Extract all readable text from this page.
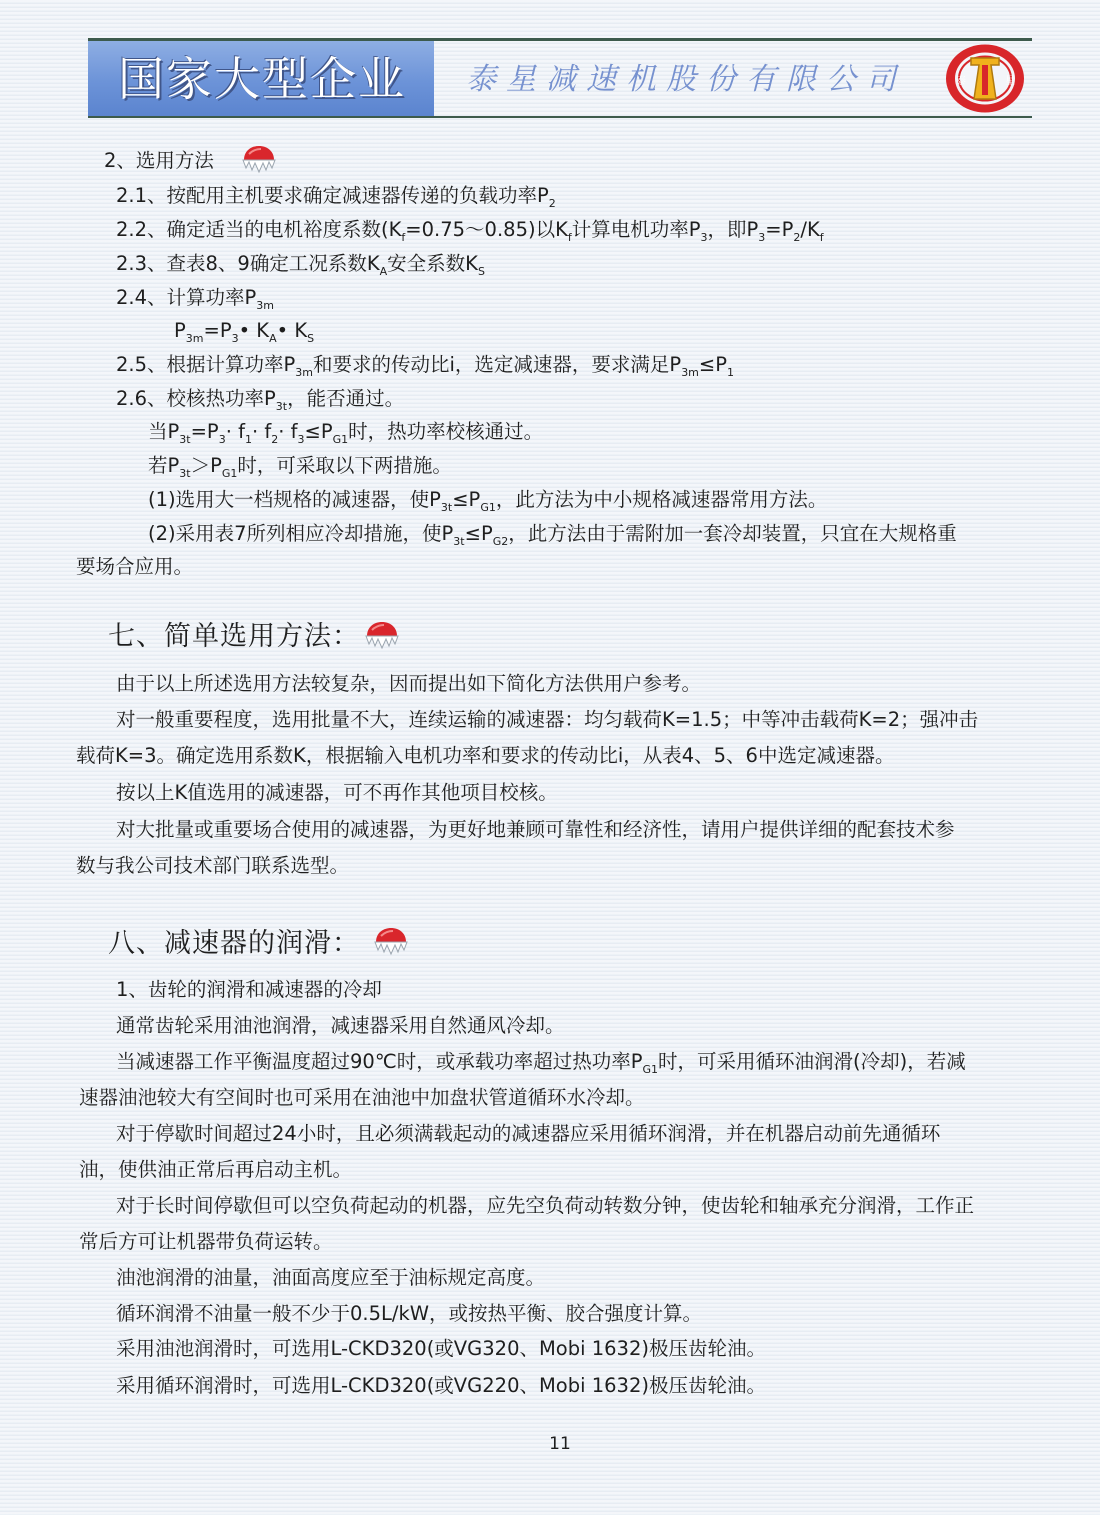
国家大型企业 泰星减速机股份有限公司	泰	星
2、选用方法
2.1、按配用主机要求确定减速器传递的负载功率$P_2$
2.2、确定适当的电机裕度系数$(K_f=0.75\sim 0.85)$以$K_f$计算电机功率$P_3$，即$P_3=P_2/K_f$
2.3、查表8、9确定工况系数$K_A$安全系数$K_S$
2.4、计算功率$P_{3m}$
$P_{3m}=P_3•$ $K_A•$ $K_S$
2.5、根据计算功率$P_{3m}$和要求的传动比i，选定减速器，要求满足$P_{3m}\le P_1$
2.6、校核热功率$P_{3t}$，能否通过。
当$P_{3t}=P_3\cdot f_1\cdot f_2\cdot f_3\le P_{G1}$时，热功率校核通过。
若$P_{3t}>P_{G1}$时，可采取以下两措施。
(1)选用大一档规格的减速器，使$P_{3t}\le P_{G1}$，此方法为中小规格减速器常用方法。
(2)采用表7所列相应冷却措施，使$P_{3t}\le P_{G2}$，此方法由于需附加一套冷却装置，只宜在大规格重
要场合应用。
七、简单选用方法：
由于以上所述选用方法较复杂，因而提出如下简化方法供用户参考。
对一般重要程度，选用批量不大，连续运输的减速器：均匀载荷K=1.5；中等冲击载荷K=2；强冲击
载荷K=3。确定选用系数K，根据输入电机功率和要求的传动比i，从表4、5、6中选定减速器。
按以上K值选用的减速器，可不再作其他项目校核。
对大批量或重要场合使用的减速器，为更好地兼顾可靠性和经济性，请用户提供详细的配套技术参
数与我公司技术部门联系选型。
八、减速器的润滑：
1、齿轮的润滑和减速器的冷却
通常齿轮采用油池润滑，减速器采用自然通风冷却。
当减速器工作平衡温度超过90℃时，或承载功率超过热功率$P_{G1}$时，可采用循环油润滑(冷却)，若减
速器油池较大有空间时也可采用在油池中加盘状管道循环水冷却。
对于停歇时间超过24小时，且必须满载起动的减速器应采用循环润滑，并在机器启动前先通循环
油，使供油正常后再启动主机。
对于长时间停歇但可以空负荷起动的机器，应先空负荷动转数分钟，使齿轮和轴承充分润滑，工作正
常后方可让机器带负荷运转。
油池润滑的油量，油面高度应至于油标规定高度。
循环润滑不油量一般不少于0.5L/kW，或按热平衡、胶合强度计算。
采用油池润滑时，可选用L-CKD320(或VG320、Mobi 1632)极压齿轮油。
采用循环润滑时，可选用L-CKD320(或VG220、Mobi 1632)极压齿轮油。
11
